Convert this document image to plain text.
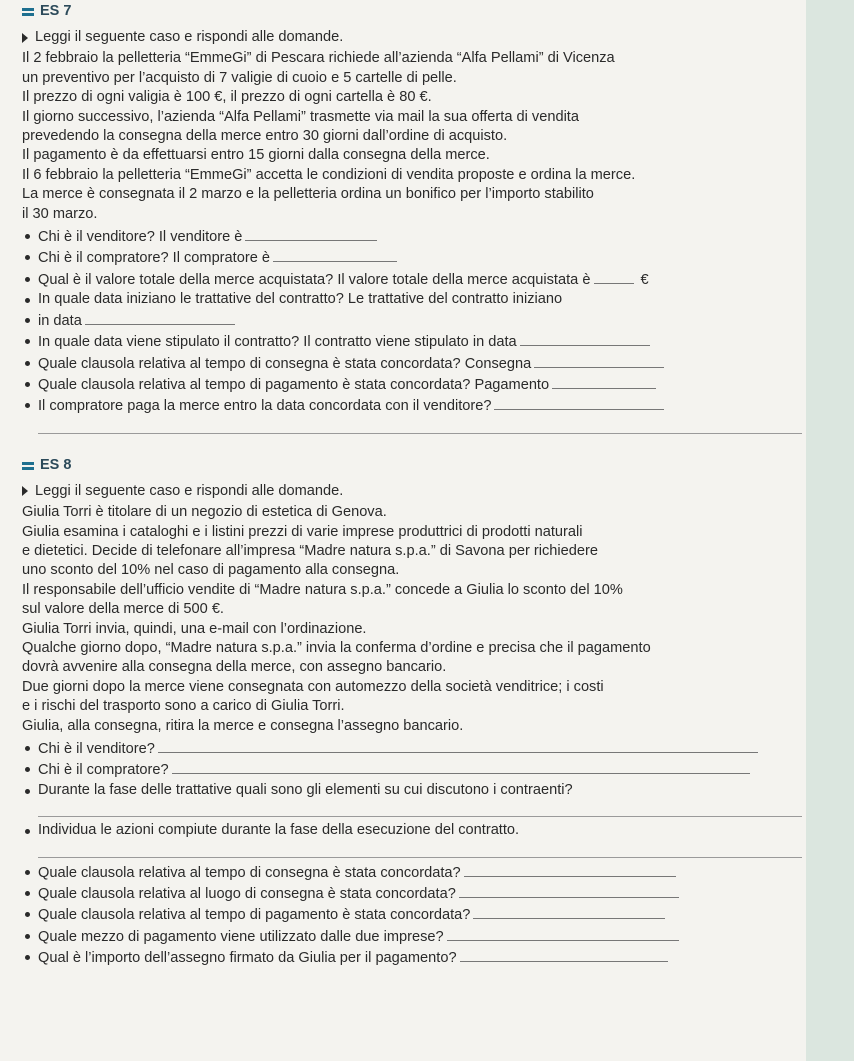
ES 7
Leggi il seguente caso e rispondi alle domande.

Il 2 febbraio la pelletteria “EmmeGi” di Pescara richiede all’azienda “Alfa Pellami” di Vicenza

un preventivo per l’acquisto di 7 valigie di cuoio e 5 cartelle di pelle.

Il prezzo di ogni valigia è 100 €, il prezzo di ogni cartella è 80 €.

Il giorno successivo, l’azienda “Alfa Pellami” trasmette via mail la sua offerta di vendita

prevedendo la consegna della merce entro 30 giorni dall’ordine di acquisto.

Il pagamento è da effettuarsi entro 15 giorni dalla consegna della merce.

Il 6 febbraio la pelletteria “EmmeGi” accetta le condizioni di vendita proposte e ordina la merce.

La merce è consegnata il 2 marzo e la pelletteria ordina un bonifico per l’importo stabilito

il 30 marzo.

Chi è il venditore? Il venditore è
Chi è il compratore? Il compratore è
Qual è il valore totale della merce acquistata? Il valore totale della merce acquistata è	€
In quale data iniziano le trattative del contratto? Le trattative del contratto iniziano
in data
In quale data viene stipulato il contratto? Il contratto viene stipulato in data
Quale clausola relativa al tempo di consegna è stata concordata? Consegna
Quale clausola relativa al tempo di pagamento è stata concordata? Pagamento
Il compratore paga la merce entro la data concordata con il venditore?
ES 8
Leggi il seguente caso e rispondi alle domande.

Giulia Torri è titolare di un negozio di estetica di Genova.

Giulia esamina i cataloghi e i listini prezzi di varie imprese produttrici di prodotti naturali

e dietetici. Decide di telefonare all’impresa “Madre natura s.p.a.” di Savona per richiedere

uno sconto del 10% nel caso di pagamento alla consegna.

Il responsabile dell’ufficio vendite di “Madre natura s.p.a.” concede a Giulia lo sconto del 10%

sul valore della merce di 500 €.

Giulia Torri invia, quindi, una e-mail con l’ordinazione.

Qualche giorno dopo, “Madre natura s.p.a.” invia la conferma d’ordine e precisa che il pagamento

dovrà avvenire alla consegna della merce, con assegno bancario.

Due giorni dopo la merce viene consegnata con automezzo della società venditrice; i costi

e i rischi del trasporto sono a carico di Giulia Torri.

Giulia, alla consegna, ritira la merce e consegna l’assegno bancario.

Chi è il venditore?
Chi è il compratore?
Durante la fase delle trattative quali sono gli elementi su cui discutono i contraenti?
Individua le azioni compiute durante la fase della esecuzione del contratto.
Quale clausola relativa al tempo di consegna è stata concordata?
Quale clausola relativa al luogo di consegna è stata concordata?
Quale clausola relativa al tempo di pagamento è stata concordata?
Quale mezzo di pagamento viene utilizzato dalle due imprese?
Qual è l’importo dell’assegno firmato da Giulia per il pagamento?
